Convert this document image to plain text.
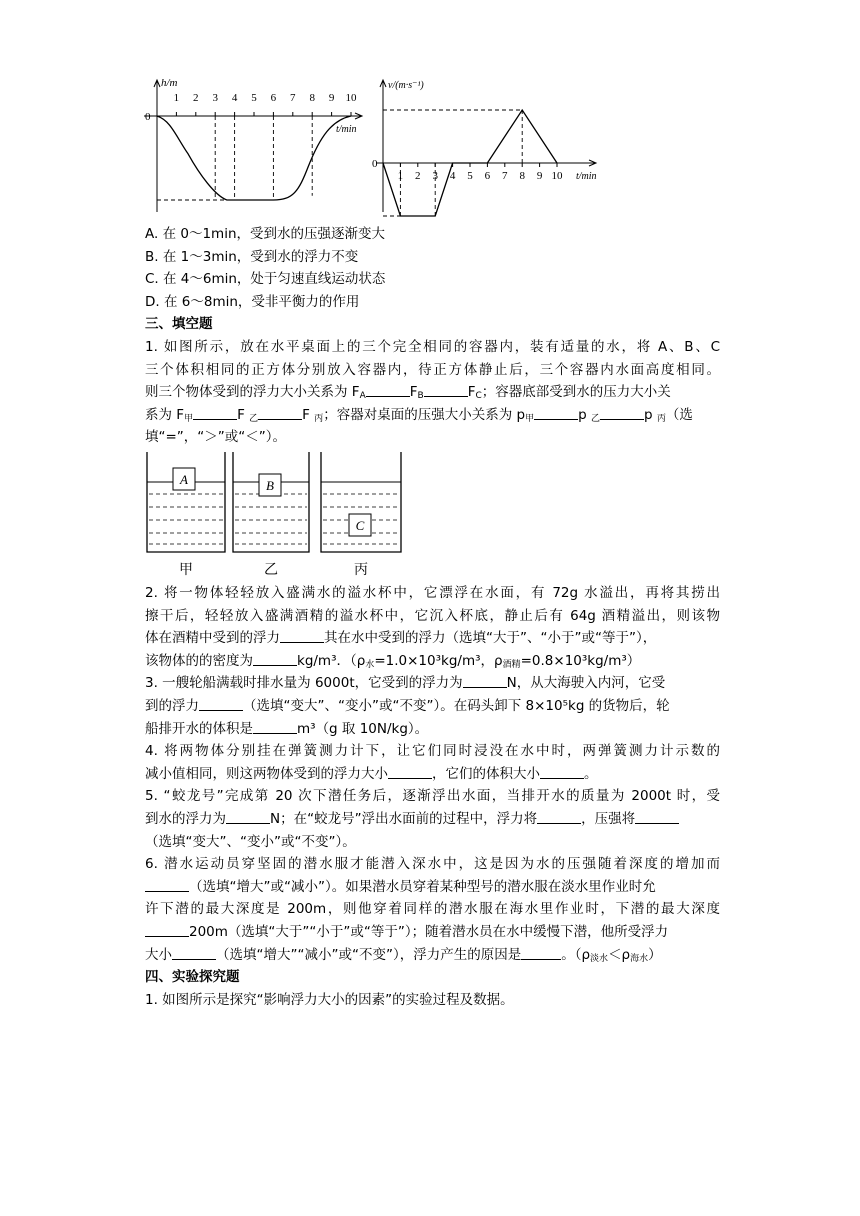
h/m
t/min
0
1 2 3 4 5 6 7 8 9 10
v/(m·s⁻¹)
t/min
0
1 2 3 4 5 6 7 8 9 10
A. 在 0～1min，受到水的压强逐渐变大
B. 在 1～3min，受到水的浮力不变
C. 在 4～6min，处于匀速直线运动状态
D. 在 6～8min，受非平衡力的作用
三、填空题
1. 如图所示，放在水平桌面上的三个完全相同的容器内，装有适量的水，将 A、B、C
三个体积相同的正方体分别放入容器内，待正方体静止后，三个容器内水面高度相同。
则三个物体受到的浮力大小关系为 $F_A$	$F_B$	$F_C$；容器底部受到水的压力大小关
系为 $F_甲$	F $_乙$	F $_丙$；容器对桌面的压强大小关系为 $p_甲$	p $_乙$	p $_丙$（选
填“=”，“＞”或“＜”）。
A
甲
B
乙
C
丙
2. 将一物体轻轻放入盛满水的溢水杯中，它漂浮在水面，有 72g 水溢出，再将其捞出
擦干后，轻轻放入盛满酒精的溢水杯中，它沉入杯底，静止后有 64g 酒精溢出，则该物
体在酒精中受到的浮力	其在水中受到的浮力（选填“大于”、“小于”或“等于”），
该物体的的密度为	kg/m³．（$\rho_水=1.0\times 10^3kg/m^3$，$\rho_{酒精}=0.8\times 10^3kg/m^3$）
3. 一艘轮船满载时排水量为 6000t，它受到的浮力为	N，从大海驶入内河，它受
到的浮力	（选填“变大”、“变小”或“不变”）。在码头卸下 8×10⁵kg 的货物后，轮
船排开水的体积是	m³（g 取 10N/kg）。
4. 将两物体分别挂在弹簧测力计下，让它们同时浸没在水中时，两弹簧测力计示数的
减小值相同，则这两物体受到的浮力大小	，它们的体积大小	。
5. “蛟龙号”完成第 20 次下潜任务后，逐渐浮出水面，当排开水的质量为 2000t 时，受
到水的浮力为	N；在“蛟龙号”浮出水面前的过程中，浮力将	，压强将
（选填“变大”、“变小”或“不变”）。
6. 潜水运动员穿坚固的潜水服才能潜入深水中，这是因为水的压强随着深度的增加而
（选填“增大”或“减小”）。如果潜水员穿着某种型号的潜水服在淡水里作业时允
许下潜的最大深度是 200m，则他穿着同样的潜水服在海水里作业时，下潜的最大深度
200m（选填“大于”“小于”或“等于”）；随着潜水员在水中缓慢下潜，他所受浮力
大小	（选填“增大”“减小”或“不变”），浮力产生的原因是	。$(\rho_{淡水}<\rho_{海水})$
四、实验探究题
1. 如图所示是探究“影响浮力大小的因素”的实验过程及数据。
